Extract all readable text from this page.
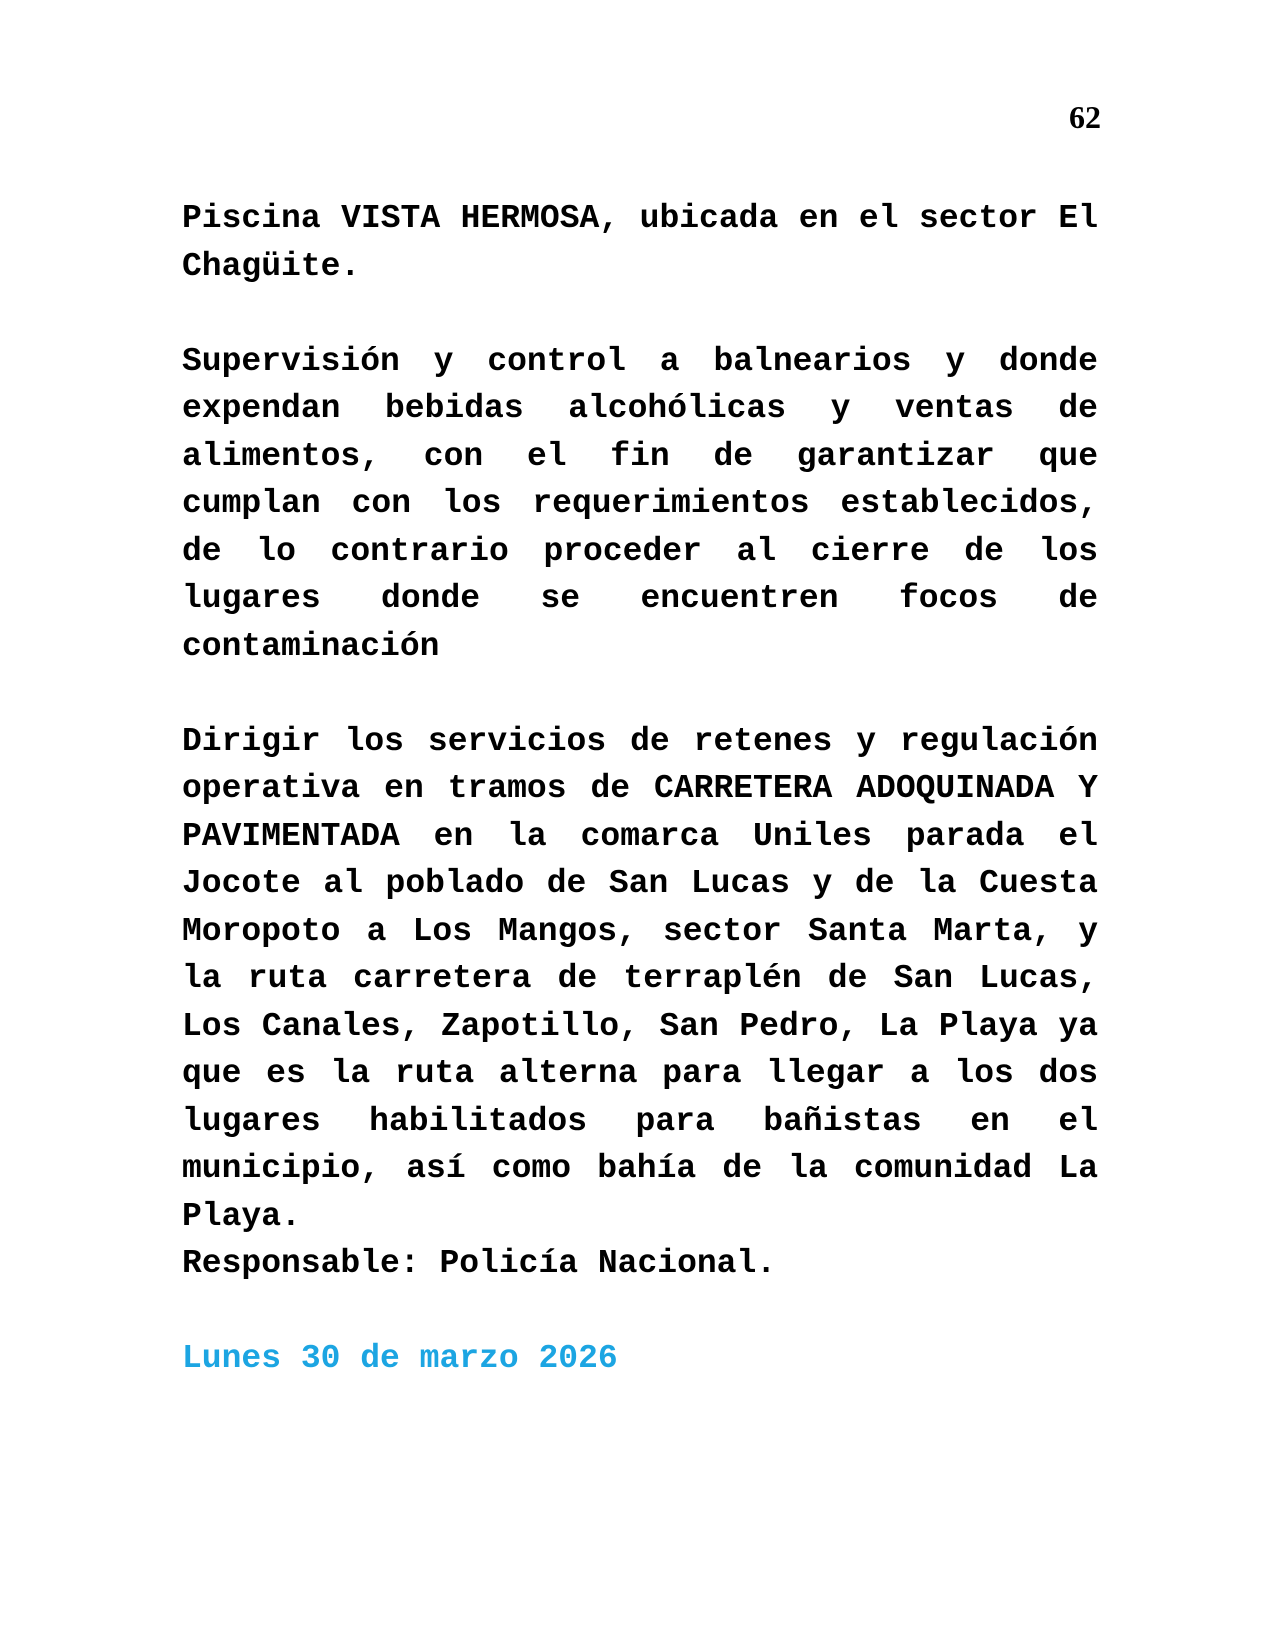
62
Piscina VISTA HERMOSA, ubicada en el sector El
Chagüite.
Supervisión y control a balnearios y donde
expendan bebidas alcohólicas y ventas de
alimentos, con el fin de garantizar que
cumplan con los requerimientos establecidos,
de lo contrario proceder al cierre de los
lugares donde se encuentren focos de
contaminación
Dirigir los servicios de retenes y regulación
operativa en tramos de CARRETERA ADOQUINADA Y
PAVIMENTADA en la comarca Uniles parada el
Jocote al poblado de San Lucas y de la Cuesta
Moropoto a Los Mangos, sector Santa Marta, y
la ruta carretera de terraplén de San Lucas,
Los Canales, Zapotillo, San Pedro, La Playa ya
que es la ruta alterna para llegar a los dos
lugares habilitados para bañistas en el
municipio, así como bahía de la comunidad La
Playa.
Responsable: Policía Nacional.
Lunes 30 de marzo 2026
